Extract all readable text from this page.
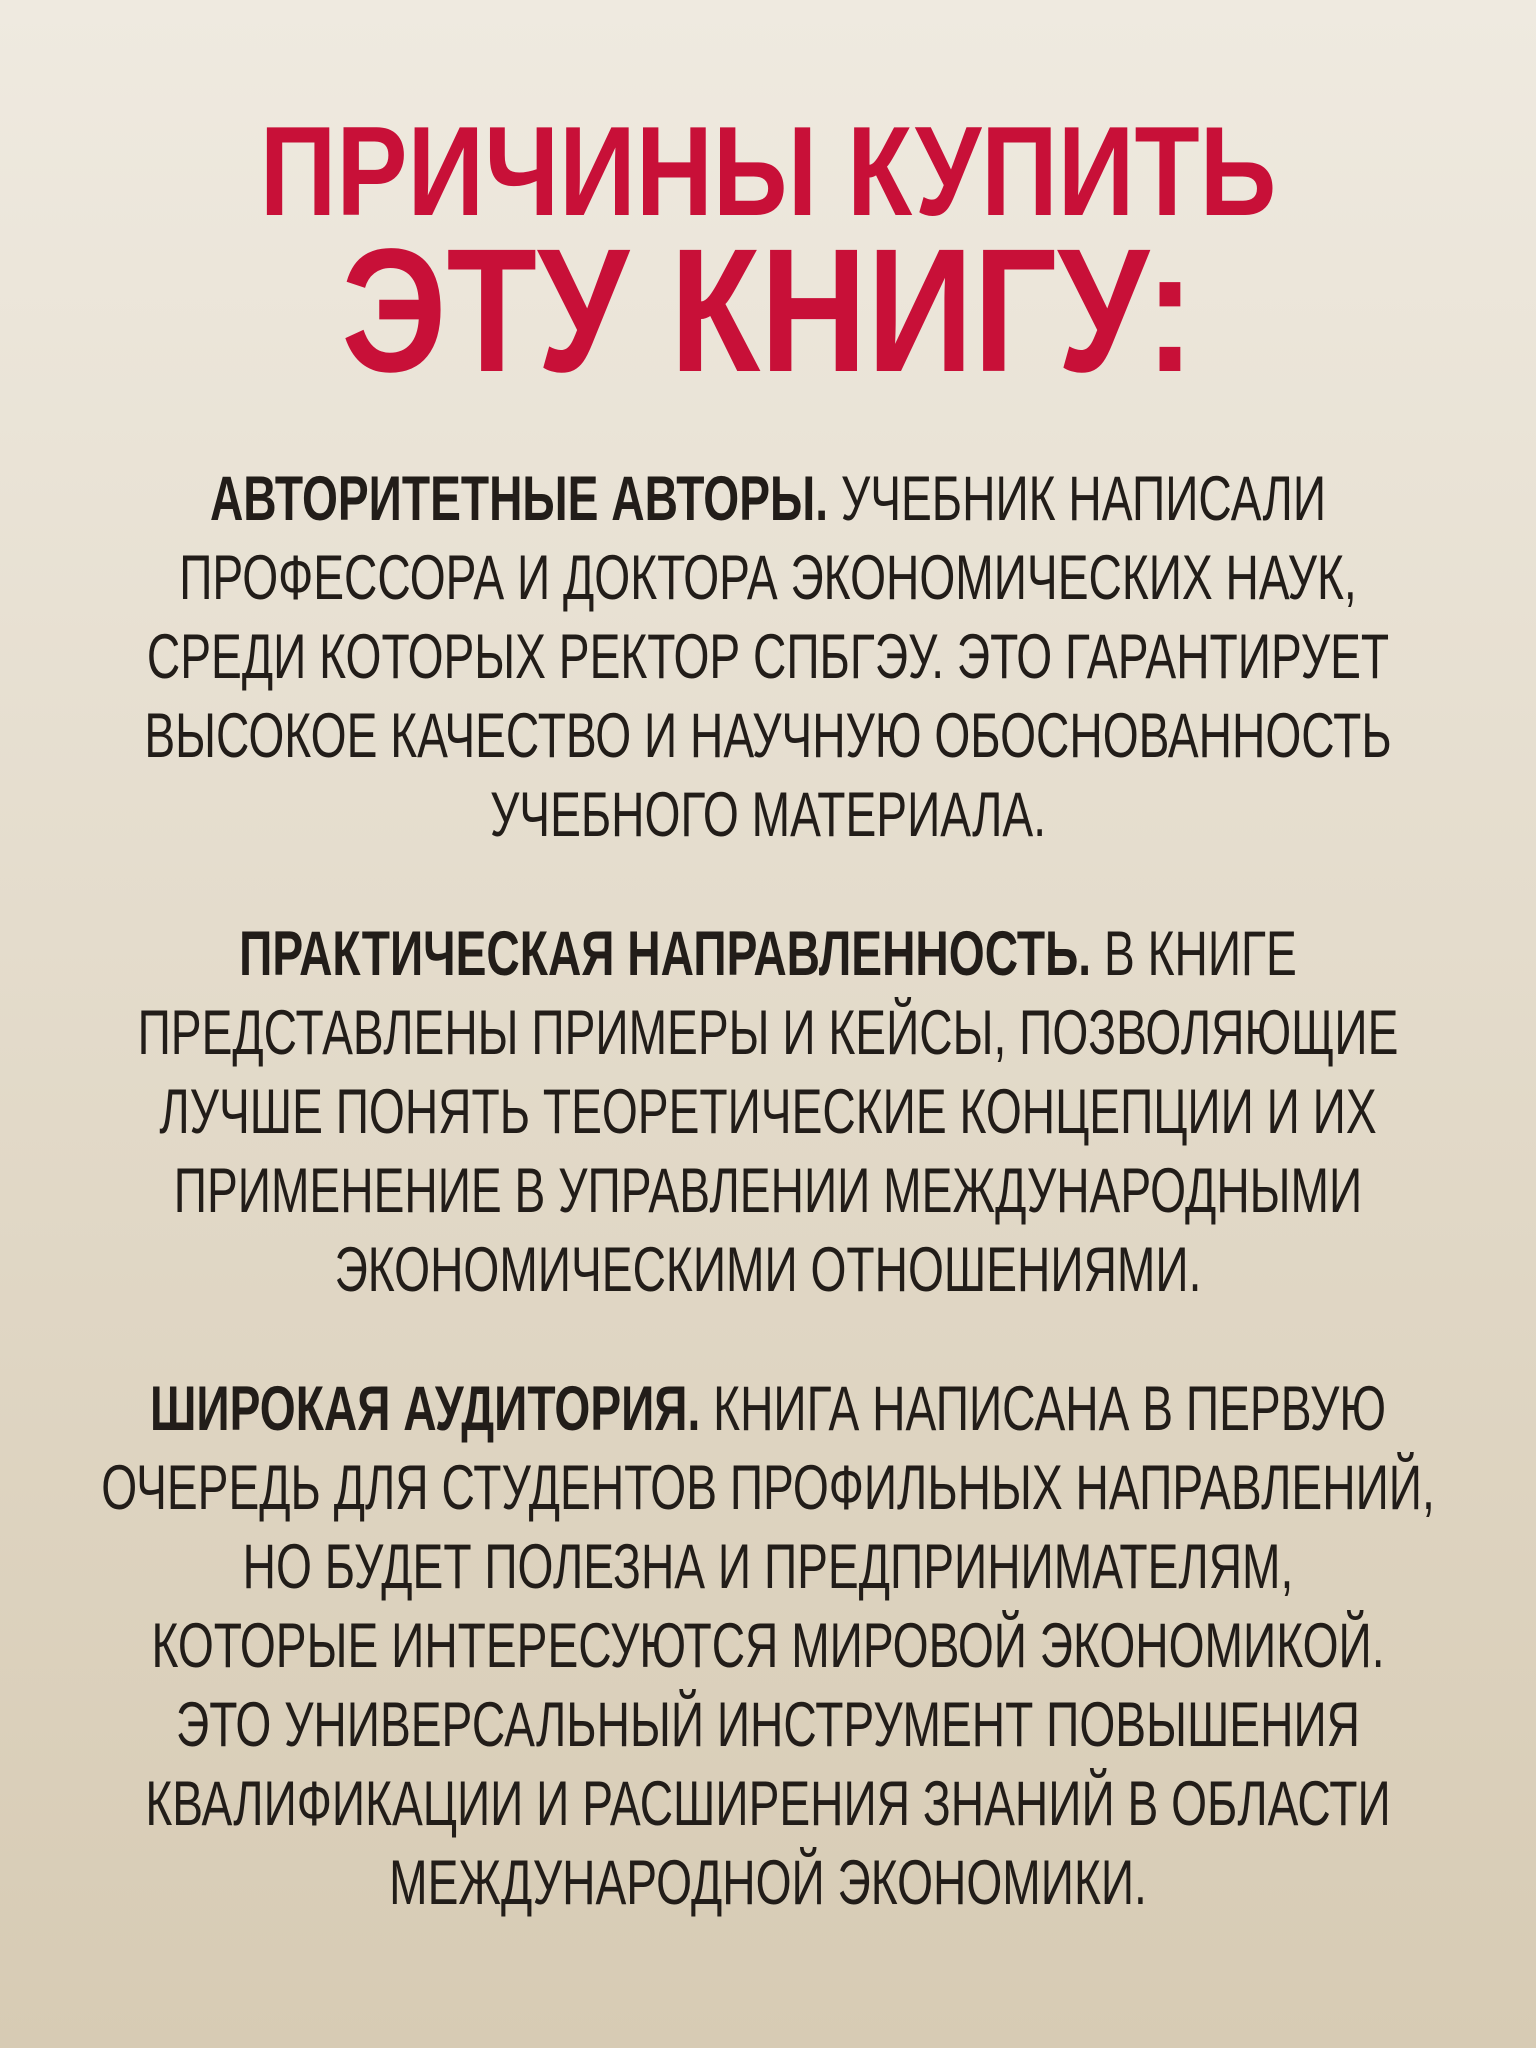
ПРИЧИНЫ КУПИТЬ
ЭТУ КНИГУ:
АВТОРИТЕТНЫЕ АВТОРЫ. УЧЕБНИК НАПИСАЛИ
ПРОФЕССОРА И ДОКТОРА ЭКОНОМИЧЕСКИХ НАУК,
СРЕДИ КОТОРЫХ РЕКТОР СПБГЭУ. ЭТО ГАРАНТИРУЕТ
ВЫСОКОЕ КАЧЕСТВО И НАУЧНУЮ ОБОСНОВАННОСТЬ
УЧЕБНОГО МАТЕРИАЛА.
ПРАКТИЧЕСКАЯ НАПРАВЛЕННОСТЬ. В КНИГЕ
ПРЕДСТАВЛЕНЫ ПРИМЕРЫ И КЕЙСЫ, ПОЗВОЛЯЮЩИЕ
ЛУЧШЕ ПОНЯТЬ ТЕОРЕТИЧЕСКИЕ КОНЦЕПЦИИ И ИХ
ПРИМЕНЕНИЕ В УПРАВЛЕНИИ МЕЖДУНАРОДНЫМИ
ЭКОНОМИЧЕСКИМИ ОТНОШЕНИЯМИ.
ШИРОКАЯ АУДИТОРИЯ. КНИГА НАПИСАНА В ПЕРВУЮ
ОЧЕРЕДЬ ДЛЯ СТУДЕНТОВ ПРОФИЛЬНЫХ НАПРАВЛЕНИЙ,
НО БУДЕТ ПОЛЕЗНА И ПРЕДПРИНИМАТЕЛЯМ,
КОТОРЫЕ ИНТЕРЕСУЮТСЯ МИРОВОЙ ЭКОНОМИКОЙ.
ЭТО УНИВЕРСАЛЬНЫЙ ИНСТРУМЕНТ ПОВЫШЕНИЯ
КВАЛИФИКАЦИИ И РАСШИРЕНИЯ ЗНАНИЙ В ОБЛАСТИ
МЕЖДУНАРОДНОЙ ЭКОНОМИКИ.
